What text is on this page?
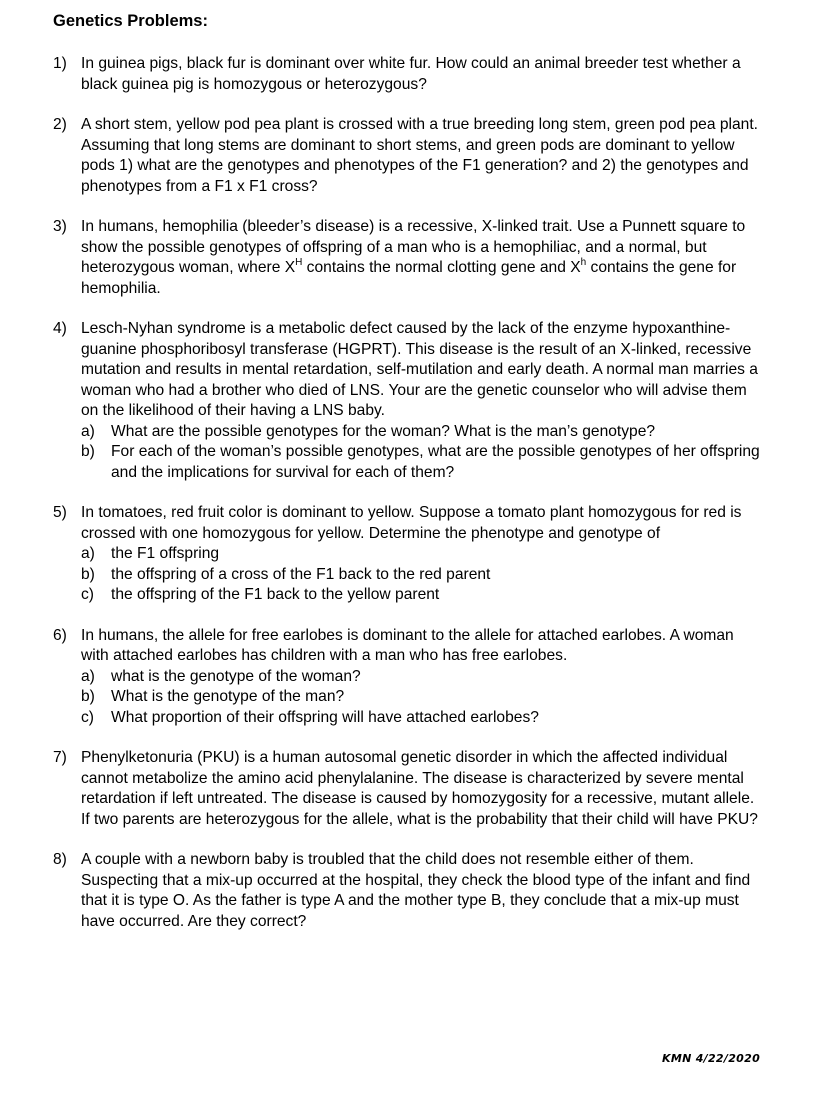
Genetics Problems:
1) In guinea pigs, black fur is dominant over white fur. How could an animal breeder test whether a black guinea pig is homozygous or heterozygous?
2) A short stem, yellow pod pea plant is crossed with a true breeding long stem, green pod pea plant. Assuming that long stems are dominant to short stems, and green pods are dominant to yellow pods 1) what are the genotypes and phenotypes of the F1 generation? and 2) the genotypes and phenotypes from a F1 x F1 cross?
3) In humans, hemophilia (bleeder’s disease) is a recessive, X-linked trait. Use a Punnett square to show the possible genotypes of offspring of a man who is a hemophiliac, and a normal, but heterozygous woman, where $X^H$ contains the normal clotting gene and $X^h$ contains the gene for hemophilia.
4) Lesch-Nyhan syndrome is a metabolic defect caused by the lack of the enzyme hypoxanthine-guanine phosphoribosyl transferase (HGPRT). This disease is the result of an X-linked, recessive mutation and results in mental retardation, self-mutilation and early death. A normal man marries a woman who had a brother who died of LNS. Your are the genetic counselor who will advise them on the likelihood of their having a LNS baby.
a) What are the possible genotypes for the woman? What is the man’s genotype?
b) For each of the woman’s possible genotypes, what are the possible genotypes of her offspring and the implications for survival for each of them?
5) In tomatoes, red fruit color is dominant to yellow. Suppose a tomato plant homozygous for red is crossed with one homozygous for yellow. Determine the phenotype and genotype of
a) the F1 offspring
b) the offspring of a cross of the F1 back to the red parent
c) the offspring of the F1 back to the yellow parent
6) In humans, the allele for free earlobes is dominant to the allele for attached earlobes. A woman with attached earlobes has children with a man who has free earlobes.
a) what is the genotype of the woman?
b) What is the genotype of the man?
c) What proportion of their offspring will have attached earlobes?
7) Phenylketonuria (PKU) is a human autosomal genetic disorder in which the affected individual cannot metabolize the amino acid phenylalanine. The disease is characterized by severe mental retardation if left untreated. The disease is caused by homozygosity for a recessive, mutant allele. If two parents are heterozygous for the allele, what is the probability that their child will have PKU?
8) A couple with a newborn baby is troubled that the child does not resemble either of them. Suspecting that a mix-up occurred at the hospital, they check the blood type of the infant and find that it is type O. As the father is type A and the mother type B, they conclude that a mix-up must have occurred. Are they correct?
KMN 4/22/2020
